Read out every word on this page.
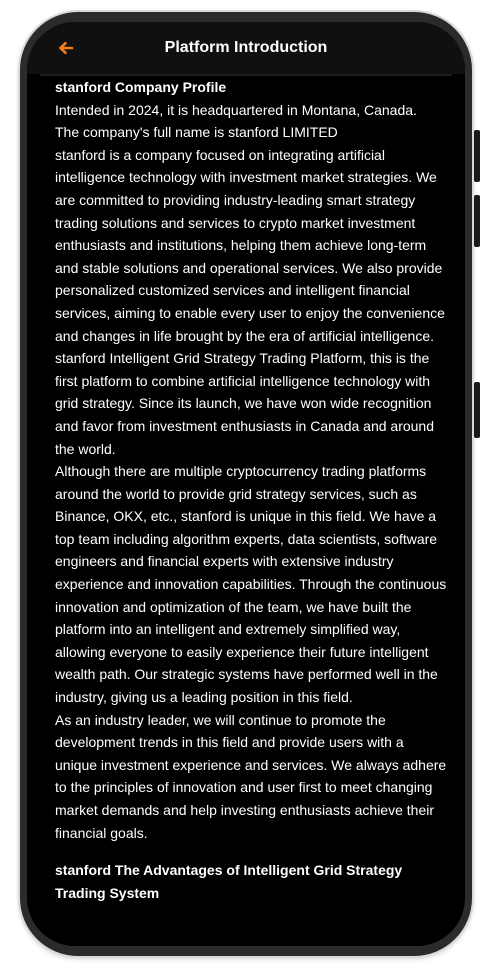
Platform Introduction

stanford Company Profile

Intended in 2024, it is headquartered in Montana, Canada.

The company's full name is stanford LIMITED

stanford is a company focused on integrating artificial intelligence technology with investment market strategies. We are committed to providing industry-leading smart strategy trading solutions and services to crypto market investment enthusiasts and institutions, helping them achieve long-term and stable solutions and operational services. We also provide personalized customized services and intelligent financial services, aiming to enable every user to enjoy the convenience and changes in life brought by the era of artificial intelligence.

stanford Intelligent Grid Strategy Trading Platform, this is the first platform to combine artificial intelligence technology with grid strategy. Since its launch, we have won wide recognition and favor from investment enthusiasts in Canada and around the world.

Although there are multiple cryptocurrency trading platforms around the world to provide grid strategy services, such as Binance, OKX, etc., stanford is unique in this field. We have a top team including algorithm experts, data scientists, software engineers and financial experts with extensive industry experience and innovation capabilities. Through the continuous innovation and optimization of the team, we have built the platform into an intelligent and extremely simplified way, allowing everyone to easily experience their future intelligent wealth path. Our strategic systems have performed well in the industry, giving us a leading position in this field.

As an industry leader, we will continue to promote the development trends in this field and provide users with a unique investment experience and services. We always adhere to the principles of innovation and user first to meet changing market demands and help investing enthusiasts achieve their financial goals.

stanford The Advantages of Intelligent Grid Strategy Trading System
